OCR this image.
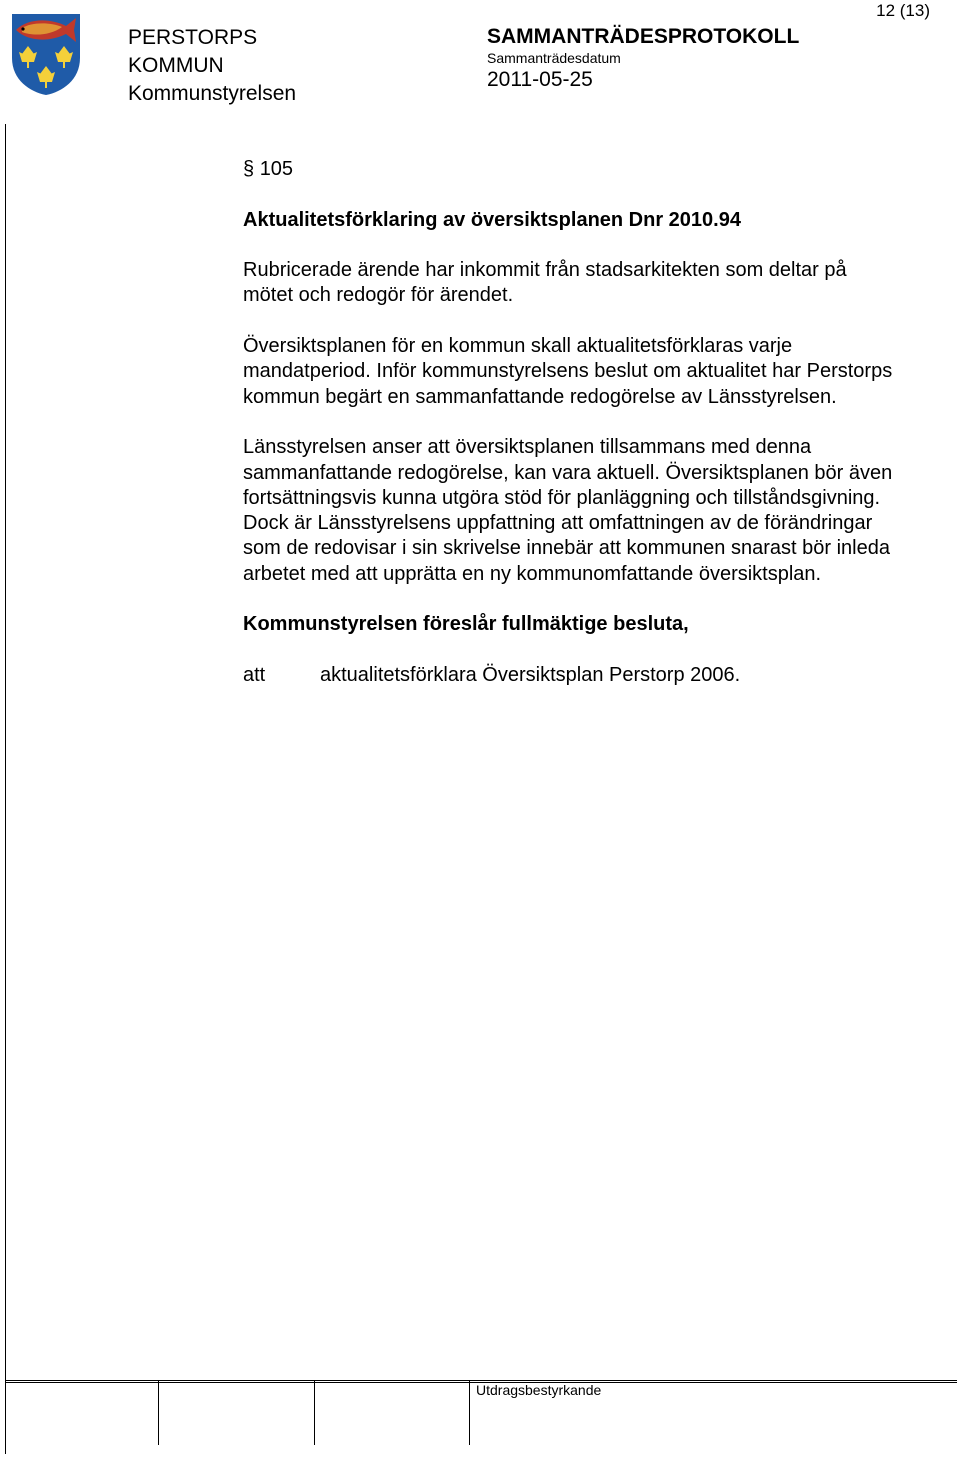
PERSTORPS
KOMMUN
Kommunstyrelsen
SAMMANTRÄDESPROTOKOLL
Sammanträdesdatum
2011-05-25
12 (13)

§
105

Aktualitetsförklaring av översiktsplanen Dnr 2010.94

Rubricerade ärende har inkommit från stadsarkitekten som deltar på mötet och redogör för ärendet.

Översiktsplanen för en kommun skall aktualitetsförklaras varje mandatperiod. Inför kommunstyrelsens beslut om aktualitet har Perstorps kommun begärt en sammanfattande redogörelse av Länsstyrelsen.

Länsstyrelsen anser att översiktsplanen tillsammans med denna sammanfattande redogörelse, kan vara aktuell. Översiktsplanen bör även fortsättningsvis kunna utgöra stöd för planläggning och tillståndsgivning. Dock är Länsstyrelsens uppfattning att omfattningen av de förändringar som de redovisar i sin skrivelse innebär att kommunen snarast bör inleda arbetet med att upprätta en ny kommunomfattande översiktsplan.

Kommunstyrelsen föreslår fullmäktige besluta,

att	aktualitetsförklara Översiktsplan Perstorp 2006.
Utdragsbestyrkande
